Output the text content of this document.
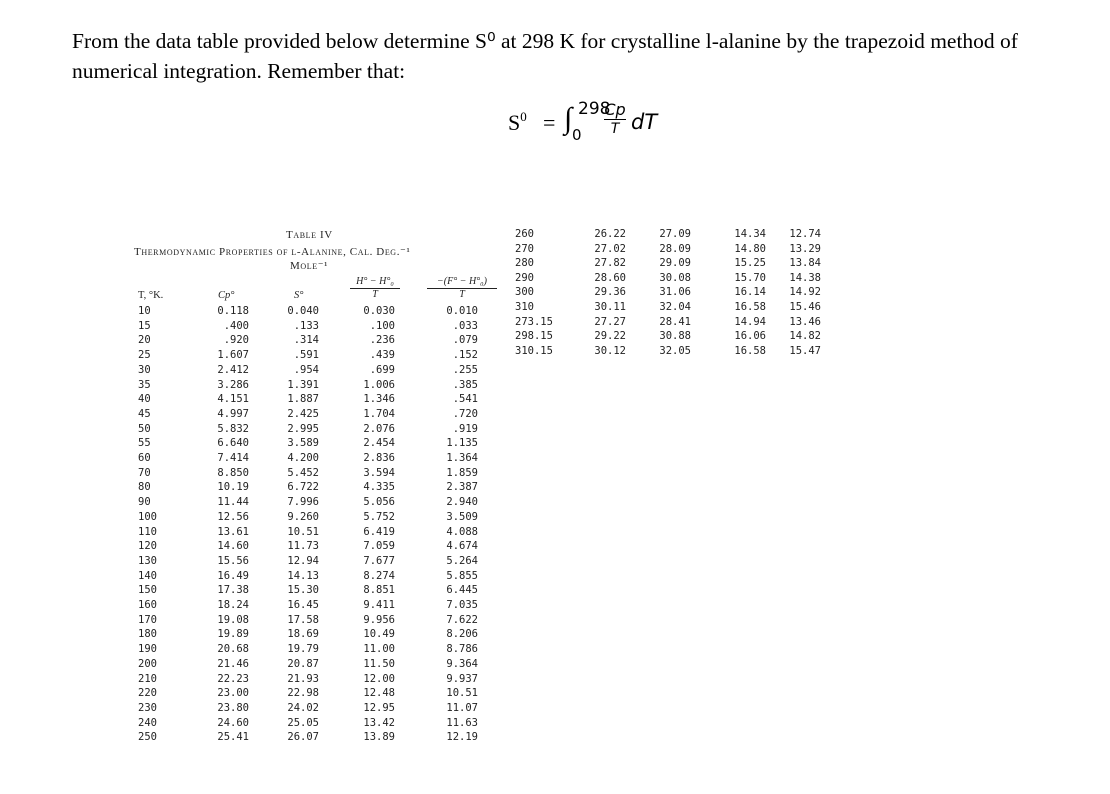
From the data table provided below determine S⁰ at 298 K for crystalline l-alanine by the trapezoid method of numerical integration. Remember that:
$S^0$ = ∫ 298
$0 \frac{Cp}{T}$ dT
Table IV
Thermodynamic Properties of l-Alanine, Cal. Deg.⁻¹
Mole⁻¹
T, °K.	Cp°	S°	$\frac{\text{H° − H°₀}}{T}$	$\frac{\text{−(F° − H°₀)}}{T}$
10	0.118	0.040	0.030	0.010
15	.400	.133	.100	.033
20	.920	.314	.236	.079
25	1.607	.591	.439	.152
30	2.412	.954	.699	.255
35	3.286	1.391	1.006	.385
40	4.151	1.887	1.346	.541
45	4.997	2.425	1.704	.720
50	5.832	2.995	2.076	.919
55	6.640	3.589	2.454	1.135
60	7.414	4.200	2.836	1.364
70	8.850	5.452	3.594	1.859
80	10.19	6.722	4.335	2.387
90	11.44	7.996	5.056	2.940
100	12.56	9.260	5.752	3.509
110	13.61	10.51	6.419	4.088
120	14.60	11.73	7.059	4.674
130	15.56	12.94	7.677	5.264
140	16.49	14.13	8.274	5.855
150	17.38	15.30	8.851	6.445
160	18.24	16.45	9.411	7.035
170	19.08	17.58	9.956	7.622
180	19.89	18.69	10.49	8.206
190	20.68	19.79	11.00	8.786
200	21.46	20.87	11.50	9.364
210	22.23	21.93	12.00	9.937
220	23.00	22.98	12.48	10.51
230	23.80	24.02	12.95	11.07
240	24.60	25.05	13.42	11.63
250	25.41	26.07	13.89	12.19
260	26.22	27.09	14.34	12.74
270	27.02	28.09	14.80	13.29
280	27.82	29.09	15.25	13.84
290	28.60	30.08	15.70	14.38
300	29.36	31.06	16.14	14.92
310	30.11	32.04	16.58	15.46
273.15	27.27	28.41	14.94	13.46
298.15	29.22	30.88	16.06	14.82
310.15	30.12	32.05	16.58	15.47
